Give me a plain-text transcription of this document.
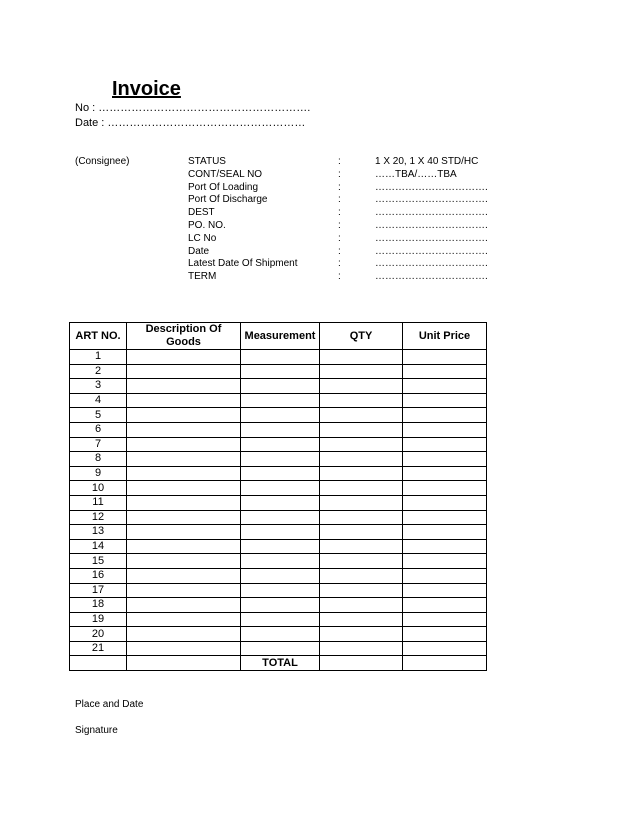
Invoice
No : ………………………………………………….
Date : ………………………………………………
(Consignee)	STATUS	:	1 X 20, 1 X 40 STD/HC
CONT/SEAL NO	:	……TBA/……TBA
Port Of Loading	:	…………………………….
Port Of Discharge	:	…………………………….
DEST	:	…………………………….
PO. NO.	:	…………………………….
LC No	:	…………………………….
Date	:	…………………………….
Latest Date Of Shipment	:	…………………………….
TERM	:	…………………………….
ART NO.	Description Of Goods	Measurement	QTY	Unit Price
1				
2				
3				
4				
5				
6				
7				
8				
9				
10				
11				
12				
13				
14				
15				
16				
17				
18				
19				
20				
21				
		TOTAL		
Place and Date
Signature
